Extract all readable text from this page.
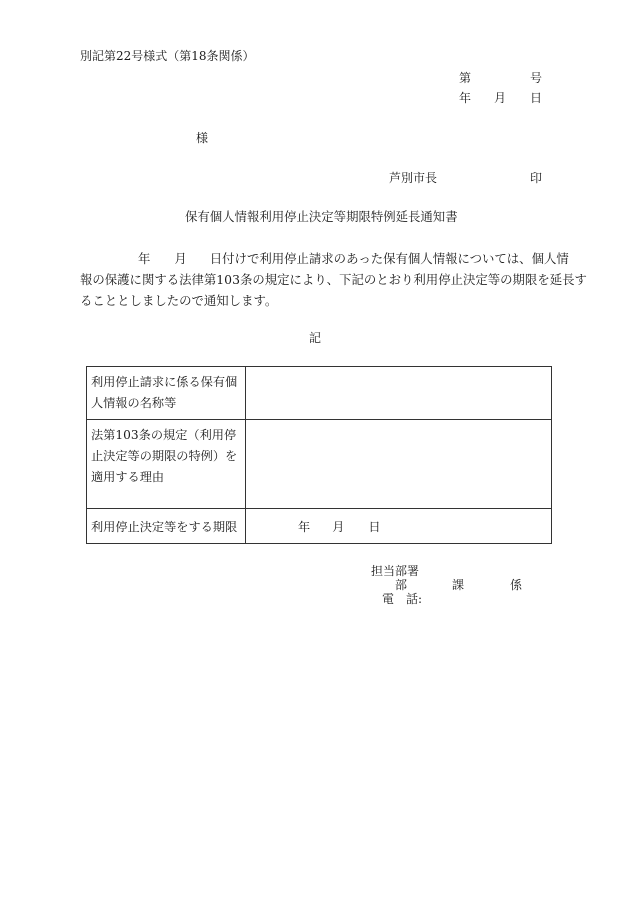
別記第22号様式（第18条関係）
第	号
年 月 日
様
芦別市長	印
保有個人情報利用停止決定等期限特例延長通知書
年 月 日付けで利用停止請求のあった保有個人情報については、個人情
報の保護に関する法律第103条の規定により、下記のとおり利用停止決定等の期限を延長す
ることとしましたので通知します。
記
利用停止請求に係る保有個
人情報の名称等	

法第103条の規定（利用停
止決定等の期限の特例）を
適用する理由	

利用停止決定等をする期限	年 月 日
担当部署
部	課	係
電　話:
